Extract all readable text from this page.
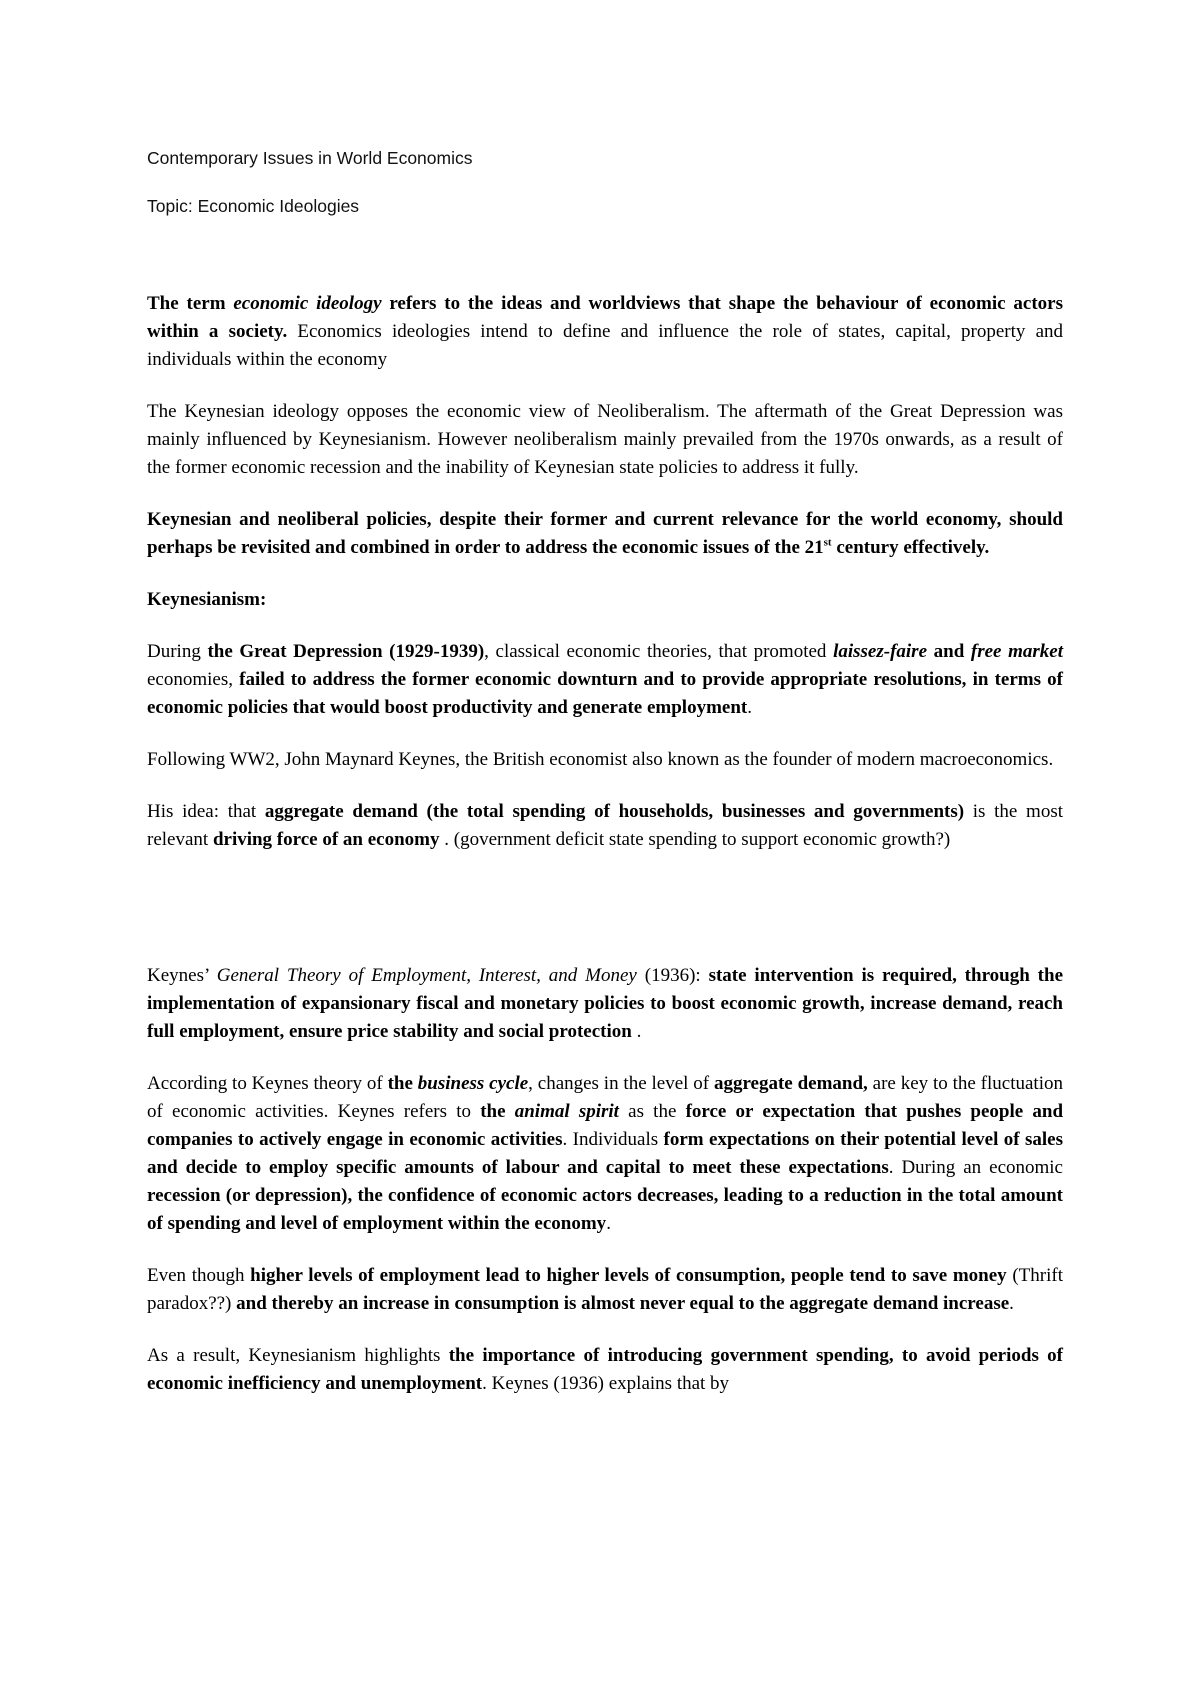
Contemporary Issues in World Economics
Topic: Economic Ideologies

The term economic ideology refers to the ideas and worldviews that shape the behaviour of economic actors within a society. Economics ideologies intend to define and influence the role of states, capital, property and individuals within the economy

The Keynesian ideology opposes the economic view of Neoliberalism. The aftermath of the Great Depression was mainly influenced by Keynesianism. However neoliberalism mainly prevailed from the 1970s onwards, as a result of the former economic recession and the inability of Keynesian state policies to address it fully.

Keynesian and neoliberal policies, despite their former and current relevance for the world economy, should perhaps be revisited and combined in order to address the economic issues of the 21st century effectively.

Keynesianism:

During the Great Depression (1929-1939), classical economic theories, that promoted laissez-faire and free market economies, failed to address the former economic downturn and to provide appropriate resolutions, in terms of economic policies that would boost productivity and generate employment.

Following WW2, John Maynard Keynes, the British economist also known as the founder of modern macroeconomics.

His idea: that aggregate demand (the total spending of households, businesses and governments) is the most relevant driving force of an economy . (government deficit state spending to support economic growth?)

Keynes’ General Theory of Employment, Interest, and Money (1936): state intervention is required, through the implementation of expansionary fiscal and monetary policies to boost economic growth, increase demand, reach full employment, ensure price stability and social protection .

According to Keynes theory of the business cycle, changes in the level of aggregate demand, are key to the fluctuation of economic activities. Keynes refers to the animal spirit as the force or expectation that pushes people and companies to actively engage in economic activities. Individuals form expectations on their potential level of sales and decide to employ specific amounts of labour and capital to meet these expectations. During an economic recession (or depression), the confidence of economic actors decreases, leading to a reduction in the total amount of spending and level of employment within the economy.

Even though higher levels of employment lead to higher levels of consumption, people tend to save money (Thrift paradox??) and thereby an increase in consumption is almost never equal to the aggregate demand increase.

As a result, Keynesianism highlights the importance of introducing government spending, to avoid periods of economic inefficiency and unemployment. Keynes (1936) explains that by
